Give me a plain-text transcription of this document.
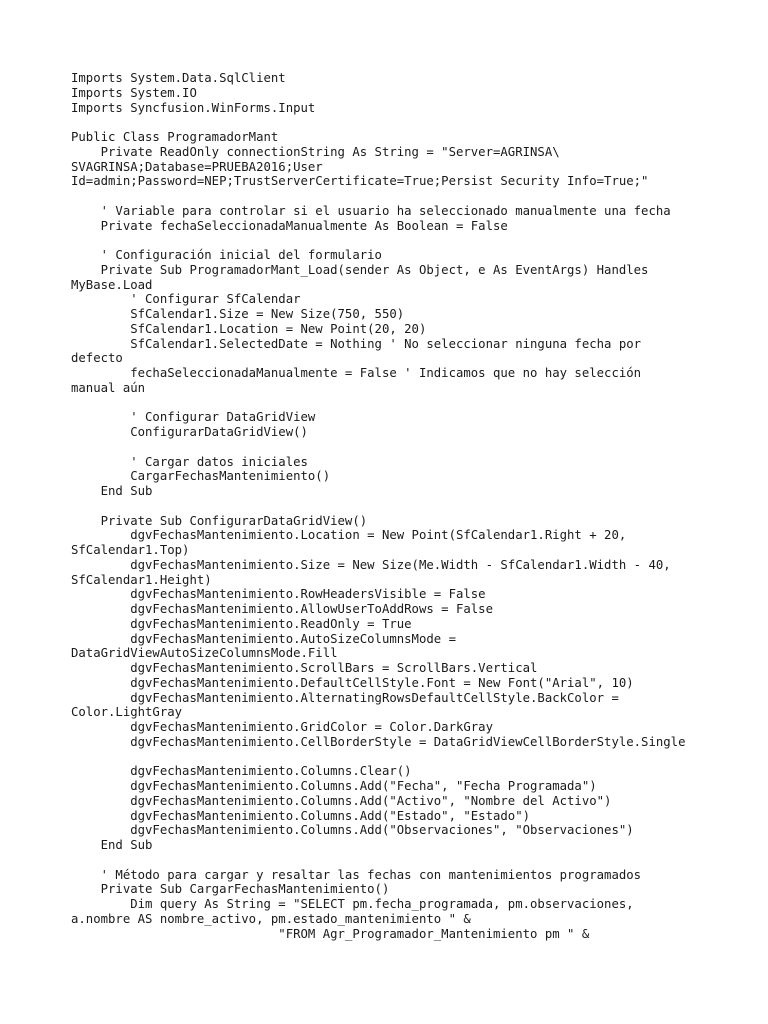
Imports System.Data.SqlClient
Imports System.IO
Imports Syncfusion.WinForms.Input
Public Class ProgramadorMant
Private ReadOnly connectionString As String = "Server=AGRINSA\
SVAGRINSA;Database=PRUEBA2016;User
Id=admin;Password=NEP;TrustServerCertificate=True;Persist Security Info=True;"
' Variable para controlar si el usuario ha seleccionado manualmente una fecha
Private fechaSeleccionadaManualmente As Boolean = False
' Configuración inicial del formulario
Private Sub ProgramadorMant_Load(sender As Object, e As EventArgs) Handles
MyBase.Load
' Configurar SfCalendar
SfCalendar1.Size = New Size(750, 550)
SfCalendar1.Location = New Point(20, 20)
SfCalendar1.SelectedDate = Nothing ' No seleccionar ninguna fecha por
defecto
fechaSeleccionadaManualmente = False ' Indicamos que no hay selección
manual aún
' Configurar DataGridView
ConfigurarDataGridView()
' Cargar datos iniciales
CargarFechasMantenimiento()
End Sub
Private Sub ConfigurarDataGridView()
dgvFechasMantenimiento.Location = New Point(SfCalendar1.Right + 20,
SfCalendar1.Top)
dgvFechasMantenimiento.Size = New Size(Me.Width - SfCalendar1.Width - 40,
SfCalendar1.Height)
dgvFechasMantenimiento.RowHeadersVisible = False
dgvFechasMantenimiento.AllowUserToAddRows = False
dgvFechasMantenimiento.ReadOnly = True
dgvFechasMantenimiento.AutoSizeColumnsMode =
DataGridViewAutoSizeColumnsMode.Fill
dgvFechasMantenimiento.ScrollBars = ScrollBars.Vertical
dgvFechasMantenimiento.DefaultCellStyle.Font = New Font("Arial", 10)
dgvFechasMantenimiento.AlternatingRowsDefaultCellStyle.BackColor =
Color.LightGray
dgvFechasMantenimiento.GridColor = Color.DarkGray
dgvFechasMantenimiento.CellBorderStyle = DataGridViewCellBorderStyle.Single
dgvFechasMantenimiento.Columns.Clear()
dgvFechasMantenimiento.Columns.Add("Fecha", "Fecha Programada")
dgvFechasMantenimiento.Columns.Add("Activo", "Nombre del Activo")
dgvFechasMantenimiento.Columns.Add("Estado", "Estado")
dgvFechasMantenimiento.Columns.Add("Observaciones", "Observaciones")
End Sub
' Método para cargar y resaltar las fechas con mantenimientos programados
Private Sub CargarFechasMantenimiento()
Dim query As String = "SELECT pm.fecha_programada, pm.observaciones,
a.nombre AS nombre_activo, pm.estado_mantenimiento " &
"FROM Agr_Programador_Mantenimiento pm " &
